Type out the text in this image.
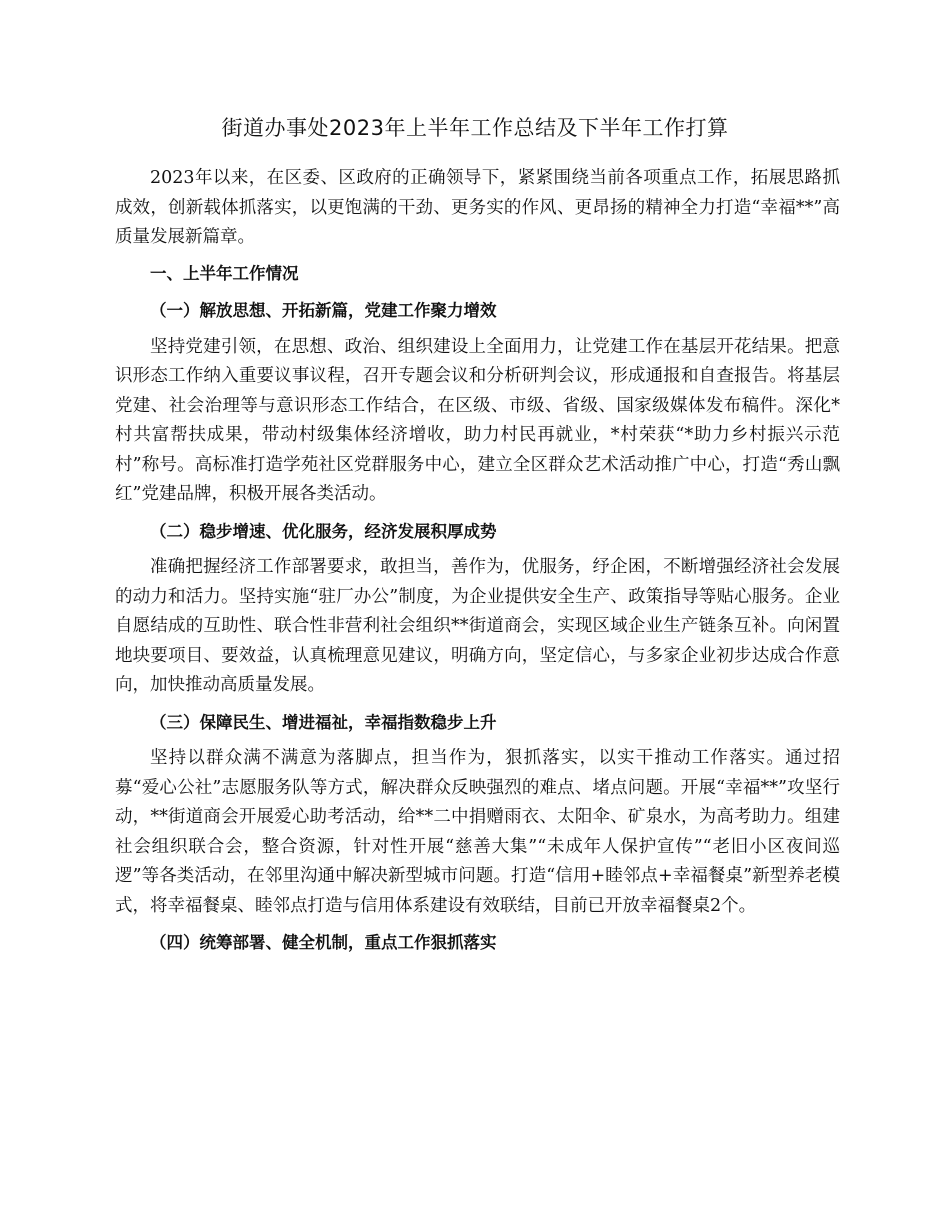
街道办事处2023年上半年工作总结及下半年工作打算

2023年以来，在区委、区政府的正确领导下，紧紧围绕当前各项重点工作，拓展思路抓成效，创新载体抓落实，以更饱满的干劲、更务实的作风、更昂扬的精神全力打造“幸福**”高质量发展新篇章。

一、上半年工作情况

（一）解放思想、开拓新篇，党建工作聚力增效

坚持党建引领，在思想、政治、组织建设上全面用力，让党建工作在基层开花结果。把意识形态工作纳入重要议事议程，召开专题会议和分析研判会议，形成通报和自查报告。将基层党建、社会治理等与意识形态工作结合，在区级、市级、省级、国家级媒体发布稿件。深化*村共富帮扶成果，带动村级集体经济增收，助力村民再就业，*村荣获“*助力乡村振兴示范村”称号。高标准打造学苑社区党群服务中心，建立全区群众艺术活动推广中心，打造“秀山飘红”党建品牌，积极开展各类活动。

（二）稳步增速、优化服务，经济发展积厚成势

准确把握经济工作部署要求，敢担当，善作为，优服务，纾企困，不断增强经济社会发展的动力和活力。坚持实施“驻厂办公”制度，为企业提供安全生产、政策指导等贴心服务。企业自愿结成的互助性、联合性非营利社会组织**街道商会，实现区域企业生产链条互补。向闲置地块要项目、要效益，认真梳理意见建议，明确方向，坚定信心，与多家企业初步达成合作意向，加快推动高质量发展。

（三）保障民生、增进福祉，幸福指数稳步上升

坚持以群众满不满意为落脚点，担当作为，狠抓落实，以实干推动工作落实。通过招募“爱心公社”志愿服务队等方式，解决群众反映强烈的难点、堵点问题。开展“幸福**”攻坚行动，**街道商会开展爱心助考活动，给**二中捐赠雨衣、太阳伞、矿泉水，为高考助力。组建社会组织联合会，整合资源，针对性开展“慈善大集”“未成年人保护宣传”“老旧小区夜间巡逻”等各类活动，在邻里沟通中解决新型城市问题。打造“信用+睦邻点+幸福餐桌”新型养老模式，将幸福餐桌、睦邻点打造与信用体系建设有效联结，目前已开放幸福餐桌2个。

（四）统筹部署、健全机制，重点工作狠抓落实
